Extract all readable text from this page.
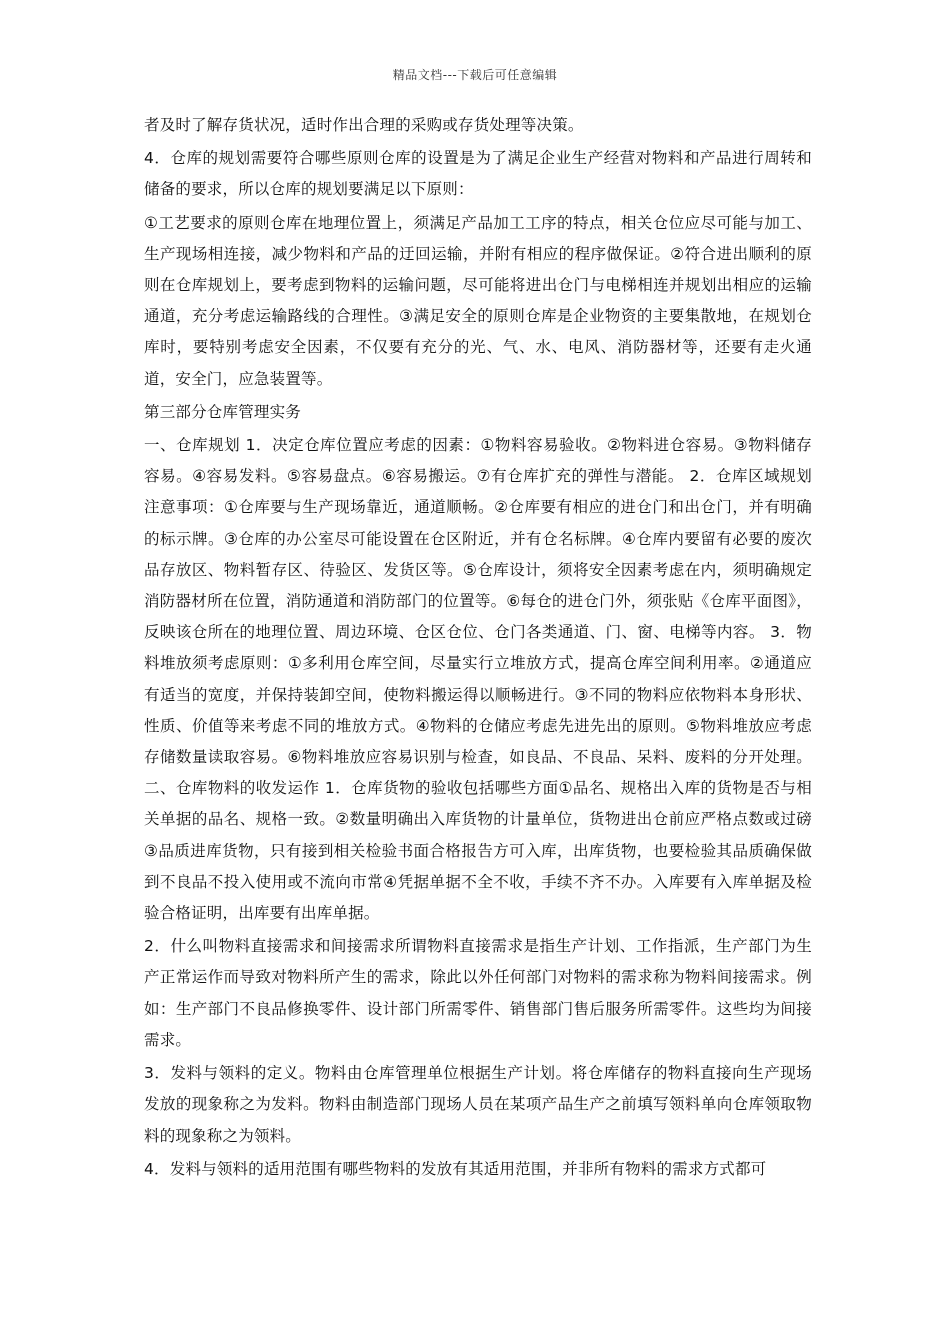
精品文档---下载后可任意编辑

者及时了解存货状况，适时作出合理的采购或存货处理等决策。

4．仓库的规划需要符合哪些原则仓库的设置是为了满足企业生产经营对物料和产品进行周转和储备的要求，所以仓库的规划要满足以下原则：

①工艺要求的原则仓库在地理位置上，须满足产品加工工序的特点，相关仓位应尽可能与加工、生产现场相连接，减少物料和产品的迂回运输，并附有相应的程序做保证。②符合进出顺利的原则在仓库规划上，要考虑到物料的运输问题，尽可能将进出仓门与电梯相连并规划出相应的运输通道，充分考虑运输路线的合理性。③满足安全的原则仓库是企业物资的主要集散地，在规划仓库时，要特别考虑安全因素，不仅要有充分的光、气、水、电风、消防器材等，还要有走火通道，安全门，应急装置等。

第三部分仓库管理实务

一、仓库规划 1．决定仓库位置应考虑的因素：①物料容易验收。②物料进仓容易。③物料储存容易。④容易发料。⑤容易盘点。⑥容易搬运。⑦有仓库扩充的弹性与潜能。 2．仓库区域规划注意事项：①仓库要与生产现场靠近，通道顺畅。②仓库要有相应的进仓门和出仓门，并有明确的标示牌。③仓库的办公室尽可能设置在仓区附近，并有仓名标牌。④仓库内要留有必要的废次品存放区、物料暂存区、待验区、发货区等。⑤仓库设计，须将安全因素考虑在内，须明确规定消防器材所在位置，消防通道和消防部门的位置等。⑥每仓的进仓门外，须张贴《仓库平面图》，反映该仓所在的地理位置、周边环境、仓区仓位、仓门各类通道、门、窗、电梯等内容。 3．物料堆放须考虑原则：①多利用仓库空间，尽量实行立堆放方式，提高仓库空间利用率。②通道应有适当的宽度，并保持装卸空间，使物料搬运得以顺畅进行。③不同的物料应依物料本身形状、性质、价值等来考虑不同的堆放方式。④物料的仓储应考虑先进先出的原则。⑤物料堆放应考虑存储数量读取容易。⑥物料堆放应容易识别与检查，如良品、不良品、呆料、废料的分开处理。二、仓库物料的收发运作 1．仓库货物的验收包括哪些方面①品名、规格出入库的货物是否与相关单据的品名、规格一致。②数量明确出入库货物的计量单位，货物进出仓前应严格点数或过磅③品质进库货物，只有接到相关检验书面合格报告方可入库，出库货物，也要检验其品质确保做到不良品不投入使用或不流向市常④凭据单据不全不收，手续不齐不办。入库要有入库单据及检验合格证明，出库要有出库单据。

2．什么叫物料直接需求和间接需求所谓物料直接需求是指生产计划、工作指派，生产部门为生产正常运作而导致对物料所产生的需求，除此以外任何部门对物料的需求称为物料间接需求。例如：生产部门不良品修换零件、设计部门所需零件、销售部门售后服务所需零件。这些均为间接需求。

3．发料与领料的定义。物料由仓库管理单位根据生产计划。将仓库储存的物料直接向生产现场发放的现象称之为发料。物料由制造部门现场人员在某项产品生产之前填写领料单向仓库领取物料的现象称之为领料。

4．发料与领料的适用范围有哪些物料的发放有其适用范围，并非所有物料的需求方式都可
